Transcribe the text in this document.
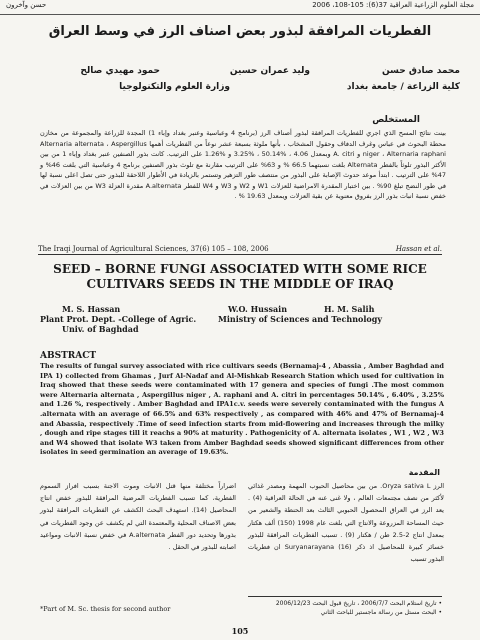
حسن وآخرون	مجلة العلوم الزراعية العراقية 37(6): 105-108، 2006
الفطريات المرافقة لبذور بعض اصناف الرز في وسط العراق
محمد صادق حسن
وليد عمران حسين
حمود مهيدي صالح
كلية الزراعة / جامعة بغداد
وزارة العلوم والتكنولوجيا
المستخلص
بينت نتائج المسح الذي اجري للفطريات المرافقة لبذور أصناف الرز (برنامج 4 وعباسية وعنبر بغداد وإباء 1) المجدة للزراعة والمجموعة من مخازن محطة البحوث في عباس وغرف الدفاف وحقول المشخاب ، بأنها ملوثة بسبعة عشر نوعاً من الفطريات أهمها Alternaria alternata ، Aspergillus niger ، Alternaria raphani و A. citri وبمعدل 4.06 ، %50.14 ، %3.25 و %1.26 على الترتيب. كانت بذور الصنفين عنبر بغداد وإباء 1 من بين الأكثر البذور تلوثاً بالفطر Alternata بلغت نسبتهما 66.5 % و 63% على الترتيب مقارنة مع تلوث بذور الصنفين برنامج 4 وعباسية التي بلغت 46% و 47% على الترتيب . ابتدأ موعد حدوث الإصابة على البذور من منتصف طور التزهير وتستمر بالزيادة في الأطوار اللاحقة للبذور حتى تصل اعلى نسبة لها في طور النضج تبلغ 90% . بين اختبار المقدرة الامراضية للعزلات W1 و W2 و W3 و W4 للفطر A.alternata مقدرة العزلة W3 من بين العزلات في خفض نسبة انبات بذور الرز بفروق معنوية عن بقية العزلات ويمعدل 19.63 % .
The Iraqi Journal of Agricultural Sciences, 37(6) 105 – 108, 2006	Hassan et al.

SEED – BORNE FUNGI ASSOCIATED WITH SOME RICE
CULTIVARS SEEDS IN THE MIDDLE OF IRAQ
M. S. Hassan
Plant Prot. Dept. -College of Agric.
Univ. of Baghdad
W.O. Hussain
Ministry of Sciences and Technology
H. M. Salih
ABSTRACT
The results of fungal survey associated with rice cultivars seeds (Bernamaj-4 , Abassia , Amber Baghdad and IPA 1) collected from Ghamas , Jurf Al-Nadaf and Al-Mishkab Research Station which used for cultivation in Iraq showed that these seeds were contaminated with 17 genera and species of fungi .The most common were Alternaria alternata , Aspergillus niger , A. raphani and A. citri in percentages 50.14% , 6.40% , 3.25% and 1.26 %, respectively . Amber Baghdad and IPA1c.v. seeds were severely contaminated with the fungus A .alternata with an average of 66.5% and 63% respectively , as compared with 46% and 47% of Bernamaj-4 and Abassia, respectively .Time of seed infection starts from mid-flowering and increases through the milky , dough and ripe stages till it reachs a 90% at maturity . Pathogenicity of A. alternata isolates , W1 , W2 , W3 and W4 showed that isolate W3 taken from Amber Baghdad seeds showed significant differences from other isolates in seed germination an average of 19.63%.
المقدمة
الرز Oryza sativa L. من بين محاصيل الحبوب المهمة ومصدر غذائي لأكثر من نصف مجتمعات العالم ، ولا غنى عنه في الحالة العراقية (4) . يعد الرز في العراق المحصول الحبوبي الثالث بعد الحنطة والشعير من حيث المساحة المزروعة والانتاج التي بلغت عام 1998 (150) ألف هكتار بمعدل انتاج 2-2.5 طن / هكتار (9) . تسبب الفطريات المرافقة للبذور خسائر كبيرة للمحاصيل اذ ذكر Suryanarayana (16) ان فطريات البذور تسبب
اضراراً مختلفة منها قتل الانبات وموت الاجنة بسبب افراز السموم الفطرية، كما تسبب الفطريات المرضية المرافقة للبذور خفض انتاج المحاصيل (14). استهدف البحث الكشف عن الفطريات المرافقة لبذور بعض الاصناف المحلية والمعتمدة التي لم يكشف عن وجود الفطريات في بذورها وتحديد دور الفطر A.alternata في خفض نسبة الانبات ومواعيد اصابته للبذور في الحقل .
• تاريخ استلام البحث 2006/7/7 ، تاريخ قبول البحث 2006/12/23
• البحث مستل من رسالة ماجستير للباحث الثاني
*Part of M. Sc. thesis for second author
105
